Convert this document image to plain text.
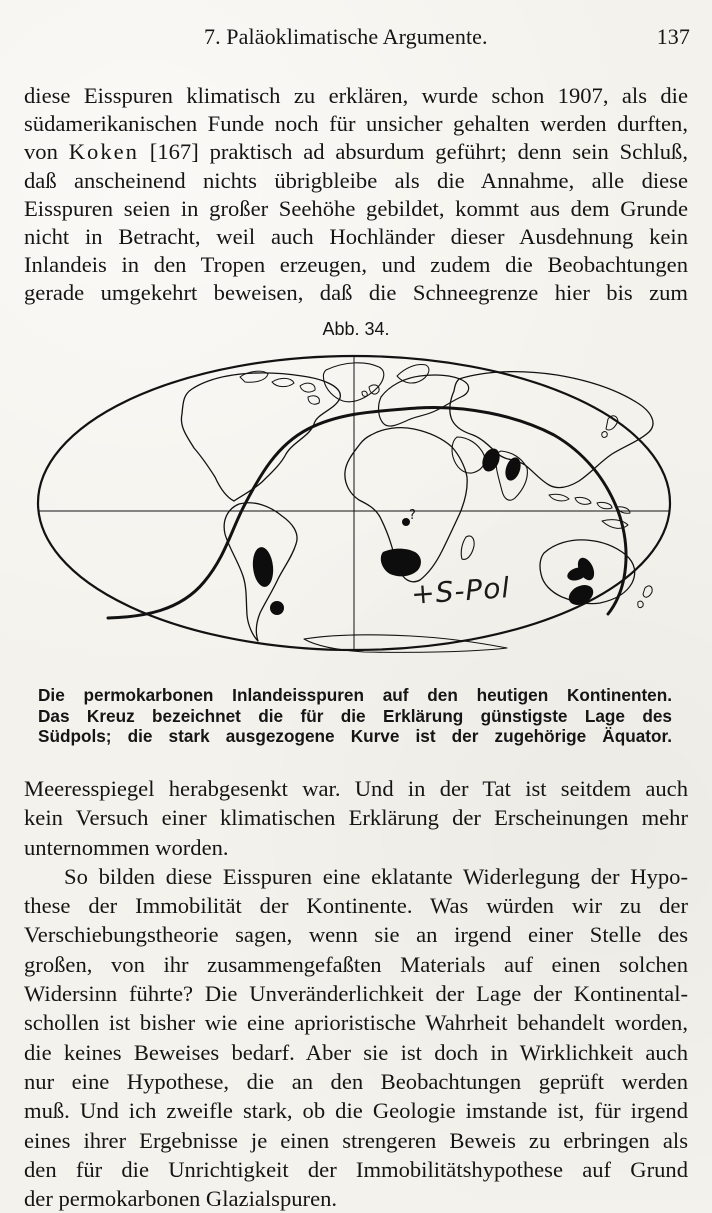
7. Paläoklimatische Argumente.	137
diese Eisspuren klimatisch zu erklären, wurde schon 1907, als die
südamerikanischen Funde noch für unsicher gehalten werden durften,
von Koken [167] praktisch ad absurdum geführt; denn sein Schluß,
daß anscheinend nichts übrigbleibe als die Annahme, alle diese
Eisspuren seien in großer Seehöhe gebildet, kommt aus dem Grunde
nicht in Betracht, weil auch Hochländer dieser Ausdehnung kein
Inlandeis in den Tropen erzeugen, und zudem die Beobachtungen
gerade umgekehrt beweisen, daß die Schneegrenze hier bis zum
Abb. 34.
?
+S-Pol
Die permokarbonen Inlandeisspuren auf den heutigen Kontinenten.
Das Kreuz bezeichnet die für die Erklärung günstigste Lage des
Südpols; die stark ausgezogene Kurve ist der zugehörige Äquator.
Meeresspiegel herabgesenkt war. Und in der Tat ist seitdem auch
kein Versuch einer klimatischen Erklärung der Erscheinungen mehr
unternommen worden.
So bilden diese Eisspuren eine eklatante Widerlegung der Hypo-
these der Immobilität der Kontinente. Was würden wir zu der
Verschiebungstheorie sagen, wenn sie an irgend einer Stelle des
großen, von ihr zusammengefaßten Materials auf einen solchen
Widersinn führte? Die Unveränderlichkeit der Lage der Kontinental-
schollen ist bisher wie eine aprioristische Wahrheit behandelt worden,
die keines Beweises bedarf. Aber sie ist doch in Wirklichkeit auch
nur eine Hypothese, die an den Beobachtungen geprüft werden
muß. Und ich zweifle stark, ob die Geologie imstande ist, für irgend
eines ihrer Ergebnisse je einen strengeren Beweis zu erbringen als
den für die Unrichtigkeit der Immobilitätshypothese auf Grund
der permokarbonen Glazialspuren.
